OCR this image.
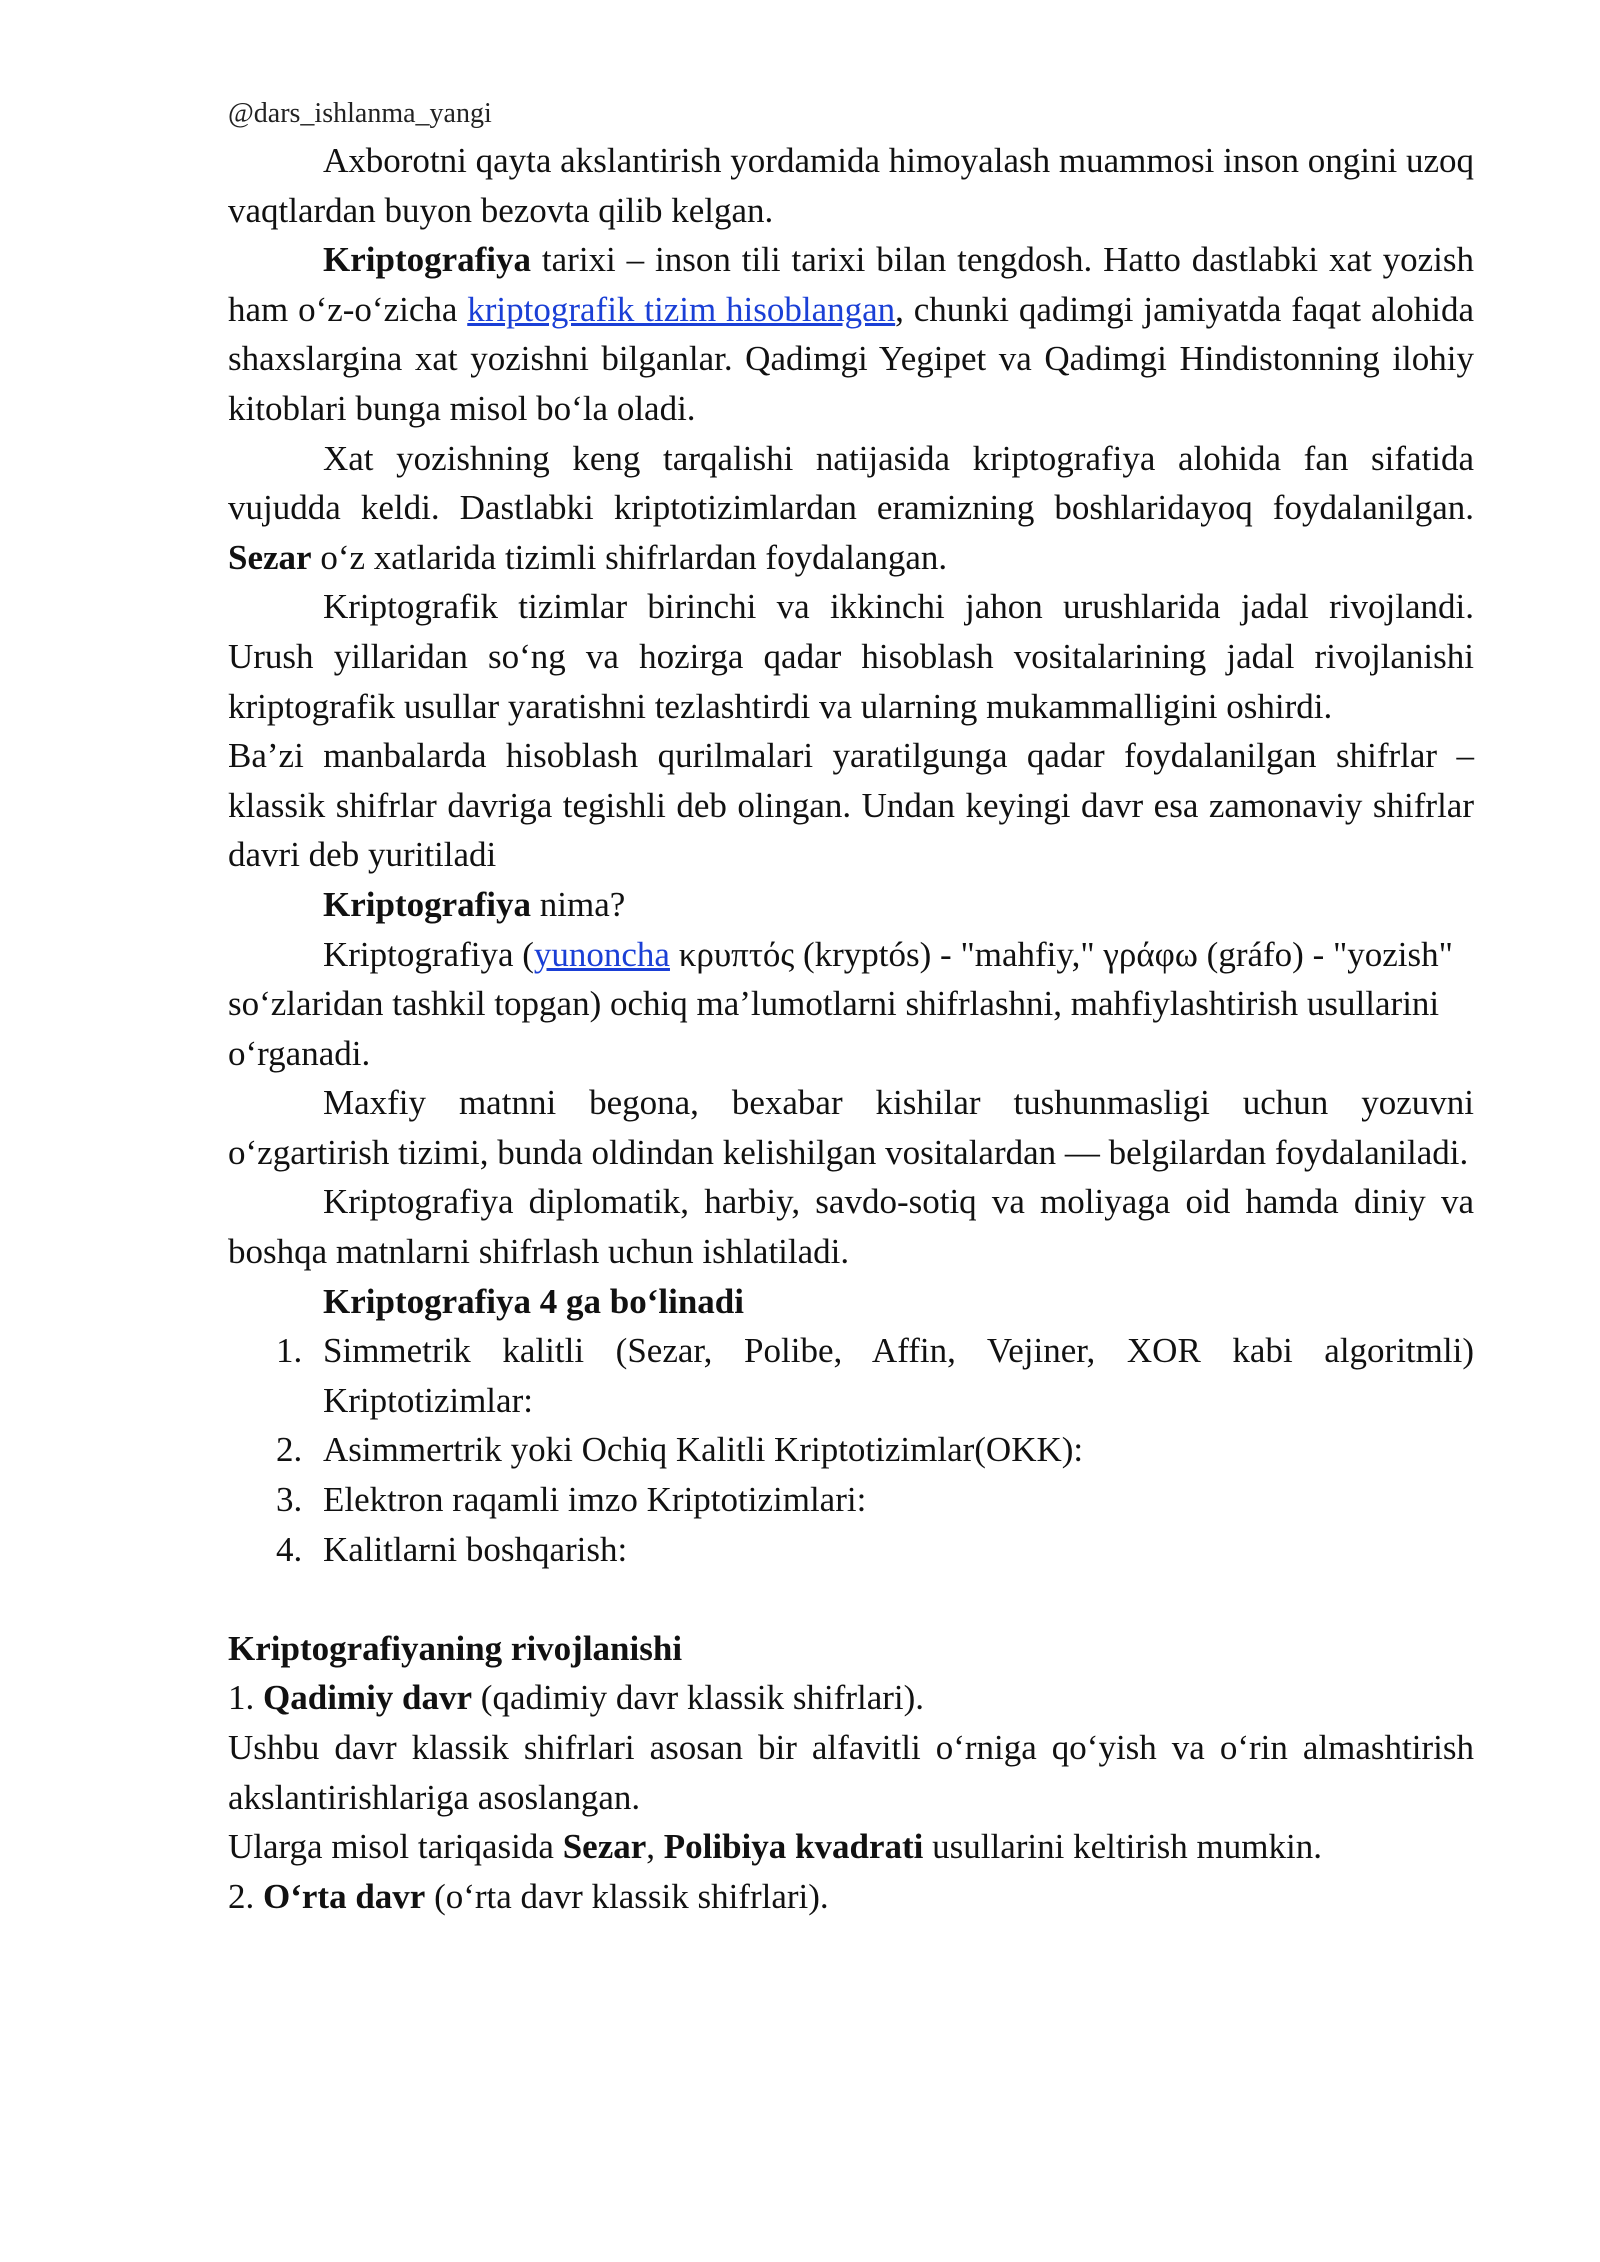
@dars_ishlanma_yangi

Axborotni qayta akslantirish yordamida himoyalash muammosi inson ongini uzoq vaqtlardan buyon bezovta qilib kelgan.

Kriptografiya tarixi – inson tili tarixi bilan tengdosh. Hatto dastlabki xat yozish ham o‘z-o‘zicha kriptografik tizim hisoblangan, chunki qadimgi jamiyatda faqat alohida shaxslargina xat yozishni bilganlar. Qadimgi Yegipet va Qadimgi Hindistonning ilohiy kitoblari bunga misol bo‘la oladi.

Xat yozishning keng tarqalishi natijasida kriptografiya alohida fan sifatida vujudda keldi. Dastlabki kriptotizimlardan eramizning boshlaridayoq foydalanilgan. Sezar o‘z xatlarida tizimli shifrlardan foydalangan.

Kriptografik tizimlar birinchi va ikkinchi jahon urushlarida jadal rivojlandi. Urush yillaridan so‘ng va hozirga qadar hisoblash vositalarining jadal rivojlanishi kriptografik usullar yaratishni tezlashtirdi va ularning mukammalligini oshirdi.

Ba’zi manbalarda hisoblash qurilmalari yaratilgunga qadar foydalanilgan shifrlar – klassik shifrlar davriga tegishli deb olingan. Undan keyingi davr esa zamonaviy shifrlar davri deb yuritiladi

Kriptografiya nima?

Kriptografiya (yunoncha κρυπτός (kryptós) - "mahfiy," γράφω (gráfo) - "yozish" so‘zlaridan tashkil topgan) ochiq ma’lumotlarni shifrlashni, mahfiylashtirish usullarini o‘rganadi.

Maxfiy matnni begona, bexabar kishilar tushunmasligi uchun yozuvni o‘zgartirish tizimi, bunda oldindan kelishilgan vositalardan — belgilardan foydalaniladi.

Kriptografiya diplomatik, harbiy, savdo-sotiq va moliyaga oid hamda diniy va boshqa matnlarni shifrlash uchun ishlatiladi.

Kriptografiya 4 ga bo‘linadi

1. Simmetrik kalitli (Sezar, Polibe, Affin, Vejiner, XOR kabi algoritmli) Kriptotizimlar:
2. Asimmertrik yoki Ochiq Kalitli Kriptotizimlar(OKK):
3. Elektron raqamli imzo Kriptotizimlari:
4. Kalitlarni boshqarish:

Kriptografiyaning rivojlanishi

1. Qadimiy davr (qadimiy davr klassik shifrlari).

Ushbu davr klassik shifrlari asosan bir alfavitli o‘rniga qo‘yish va o‘rin almashtirish akslantirishlariga asoslangan.

Ularga misol tariqasida Sezar, Polibiya kvadrati usullarini keltirish mumkin.

2. O‘rta davr (o‘rta davr klassik shifrlari).
